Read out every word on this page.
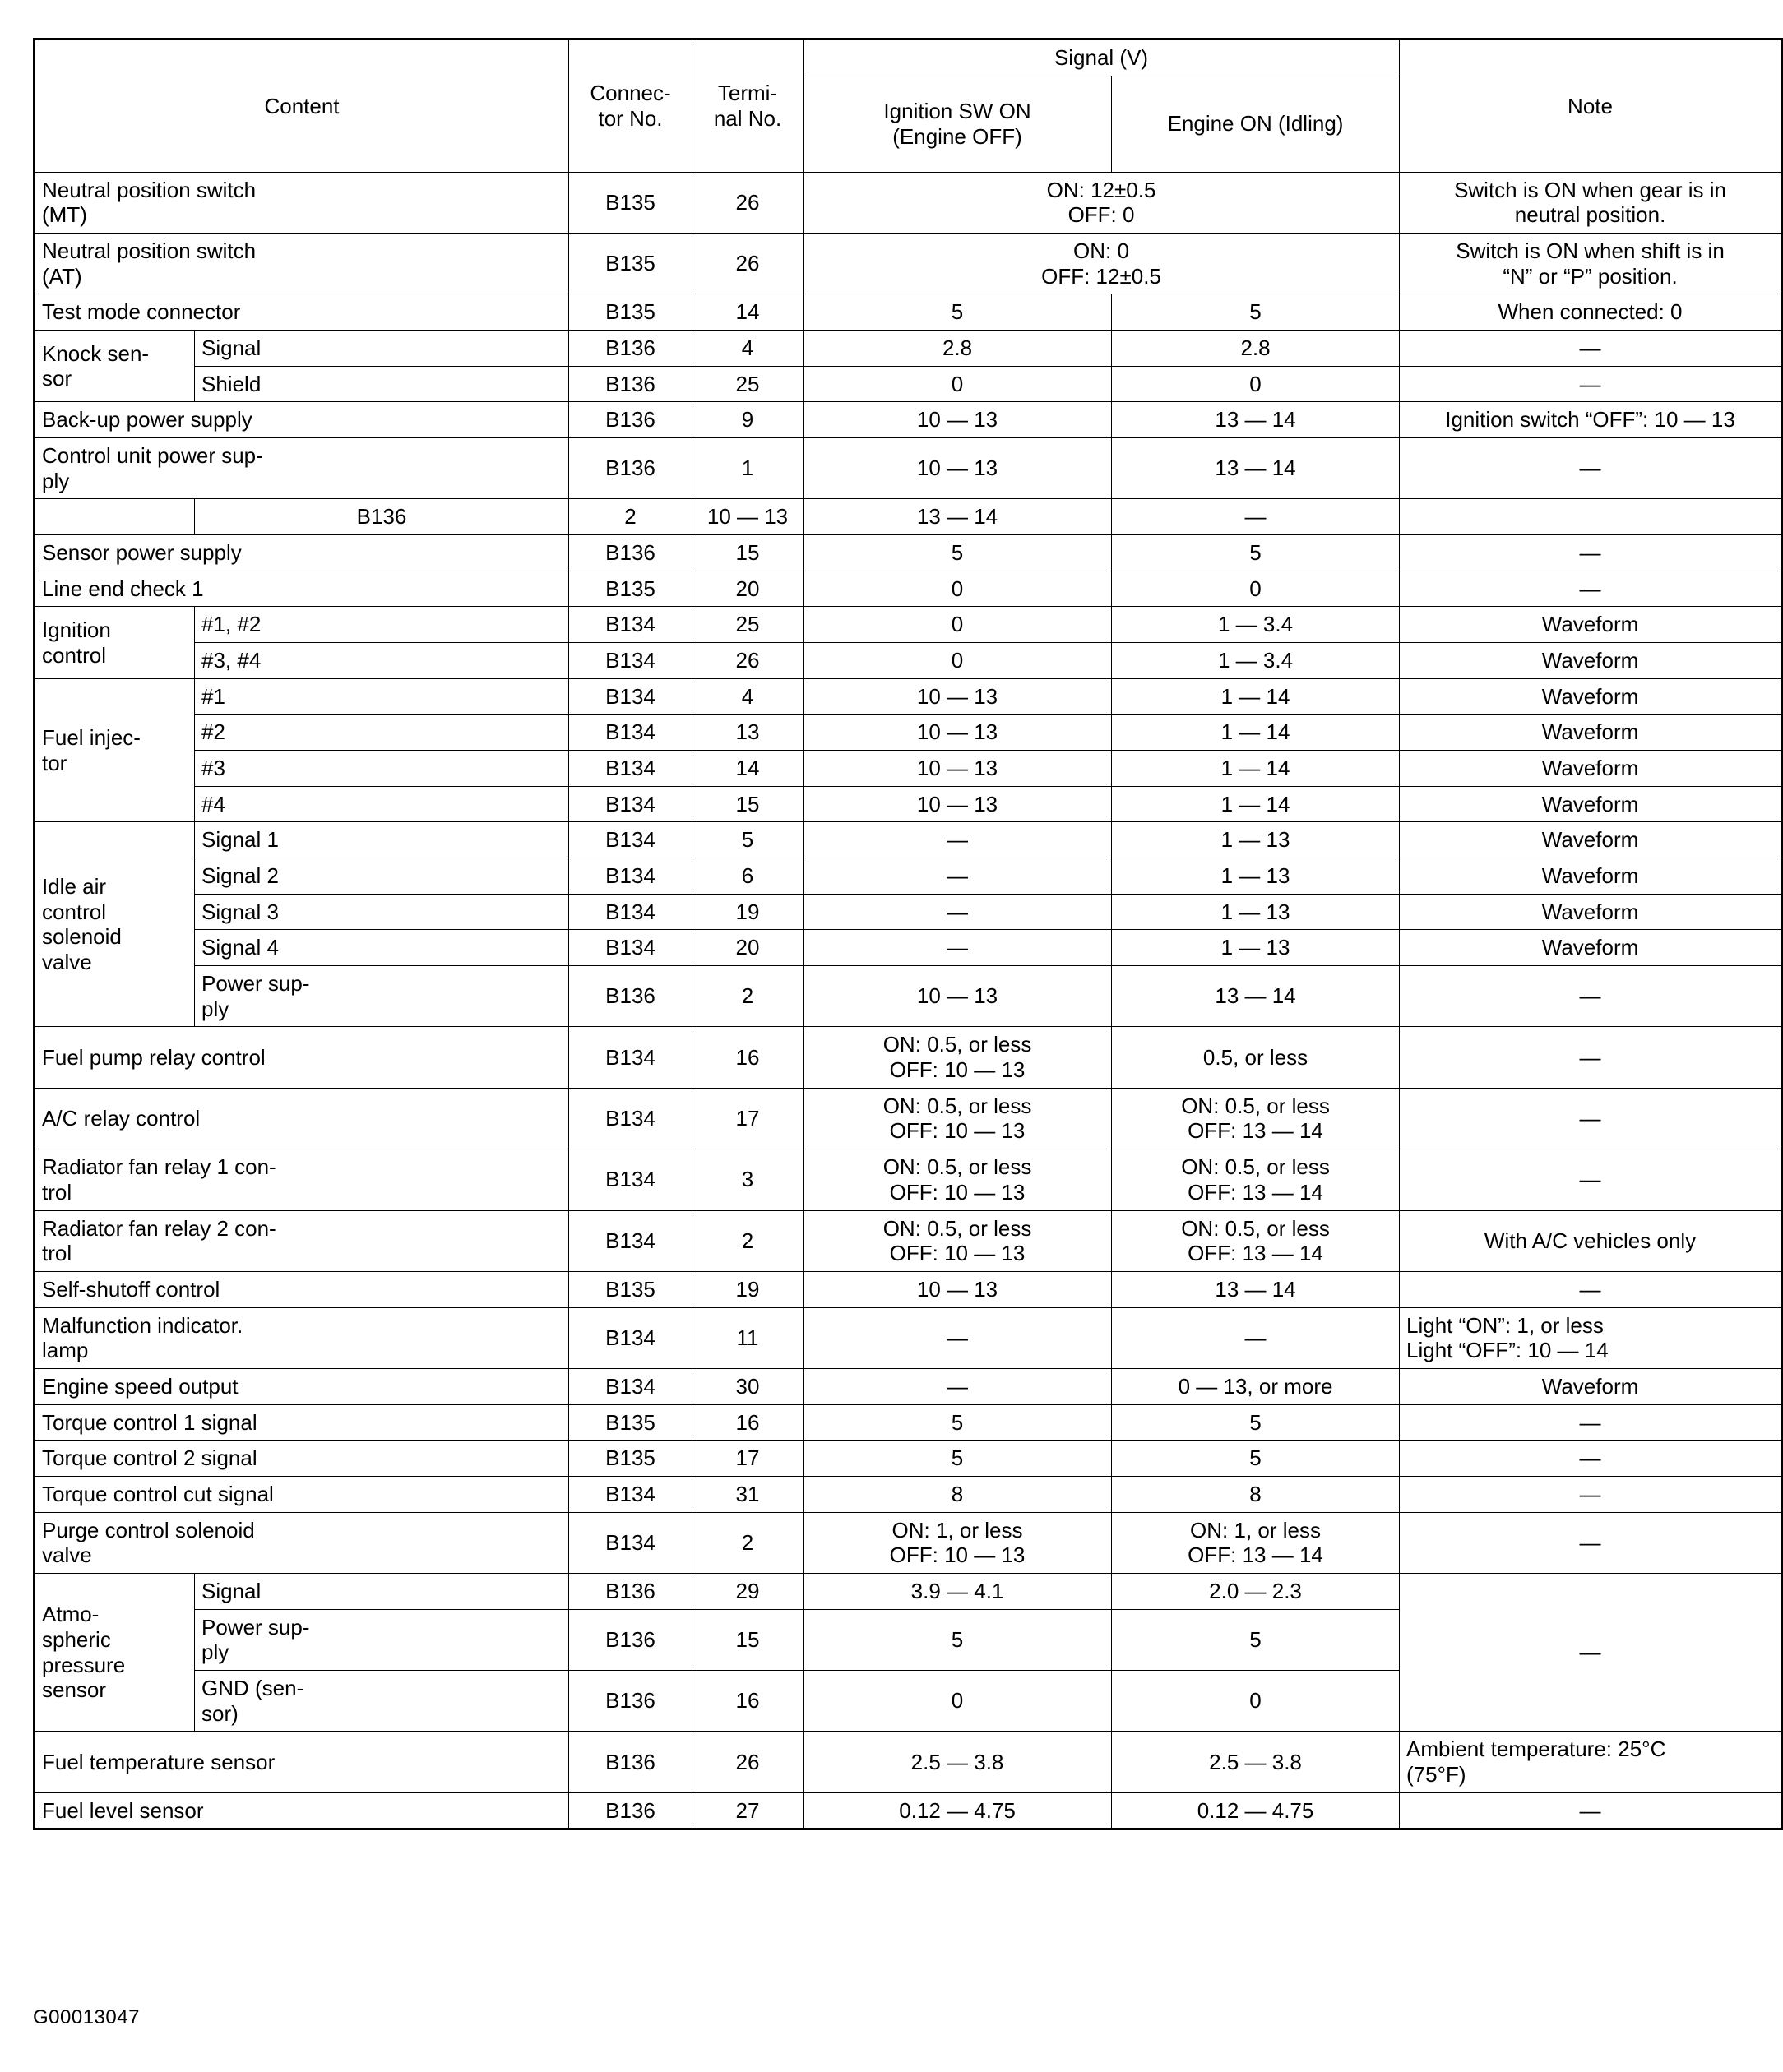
Content		Connec-
tor No.	Termi-
nal No.	Signal (V)		Note
				Ignition SW ON
(Engine OFF)	Engine ON (Idling)	
Neutral position switch
(MT)		B135	26	ON: 12±0.5
OFF: 0		Switch is ON when gear is in
neutral position.
Neutral position switch
(AT)		B135	26	ON: 0
OFF: 12±0.5		Switch is ON when shift is in
“N” or “P” position.
Test mode connector		B135	14	5	5	When connected: 0
Knock sen-
sor	Signal	B136	4	2.8	2.8	—
	Shield	B136	25	0	0	—
Back-up power supply		B136	9	10 — 13	13 — 14	Ignition switch “OFF”: 10 — 13
Control unit power sup-
ply		B136	1	10 — 13	13 — 14	—
	B136	2	10 — 13	13 — 14	—	
Sensor power supply		B136	15	5	5	—
Line end check 1		B135	20	0	0	—
Ignition
control	#1, #2	B134	25	0	1 — 3.4	Waveform
	#3, #4	B134	26	0	1 — 3.4	Waveform
Fuel injec-
tor	#1	B134	4	10 — 13	1 — 14	Waveform
	#2	B134	13	10 — 13	1 — 14	Waveform
	#3	B134	14	10 — 13	1 — 14	Waveform
	#4	B134	15	10 — 13	1 — 14	Waveform
Idle air
control
solenoid
valve	Signal 1	B134	5	—	1 — 13	Waveform
	Signal 2	B134	6	—	1 — 13	Waveform
	Signal 3	B134	19	—	1 — 13	Waveform
	Signal 4	B134	20	—	1 — 13	Waveform
	Power sup-
ply	B136	2	10 — 13	13 — 14	—
Fuel pump relay control		B134	16	ON: 0.5, or less
OFF: 10 — 13	0.5, or less	—
A/C relay control		B134	17	ON: 0.5, or less
OFF: 10 — 13	ON: 0.5, or less
OFF: 13 — 14	—
Radiator fan relay 1 con-
trol		B134	3	ON: 0.5, or less
OFF: 10 — 13	ON: 0.5, or less
OFF: 13 — 14	—
Radiator fan relay 2 con-
trol		B134	2	ON: 0.5, or less
OFF: 10 — 13	ON: 0.5, or less
OFF: 13 — 14	With A/C vehicles only
Self-shutoff control		B135	19	10 — 13	13 — 14	—
Malfunction indicator.
lamp		B134	11	—	—	Light “ON”: 1, or less
Light “OFF”: 10 — 14
Engine speed output		B134	30	—	0 — 13, or more	Waveform
Torque control 1 signal		B135	16	5	5	—
Torque control 2 signal		B135	17	5	5	—
Torque control cut signal		B134	31	8	8	—
Purge control solenoid
valve		B134	2	ON: 1, or less
OFF: 10 — 13	ON: 1, or less
OFF: 13 — 14	—
Atmo-
spheric
pressure
sensor	Signal	B136	29	3.9 — 4.1	2.0 — 2.3	—
	Power sup-
ply	B136	15	5	5	
	GND (sen-
sor)	B136	16	0	0	
Fuel temperature sensor		B136	26	2.5 — 3.8	2.5 — 3.8	Ambient temperature: 25°C
(75°F)
Fuel level sensor		B136	27	0.12 — 4.75	0.12 — 4.75	—
G00013047
